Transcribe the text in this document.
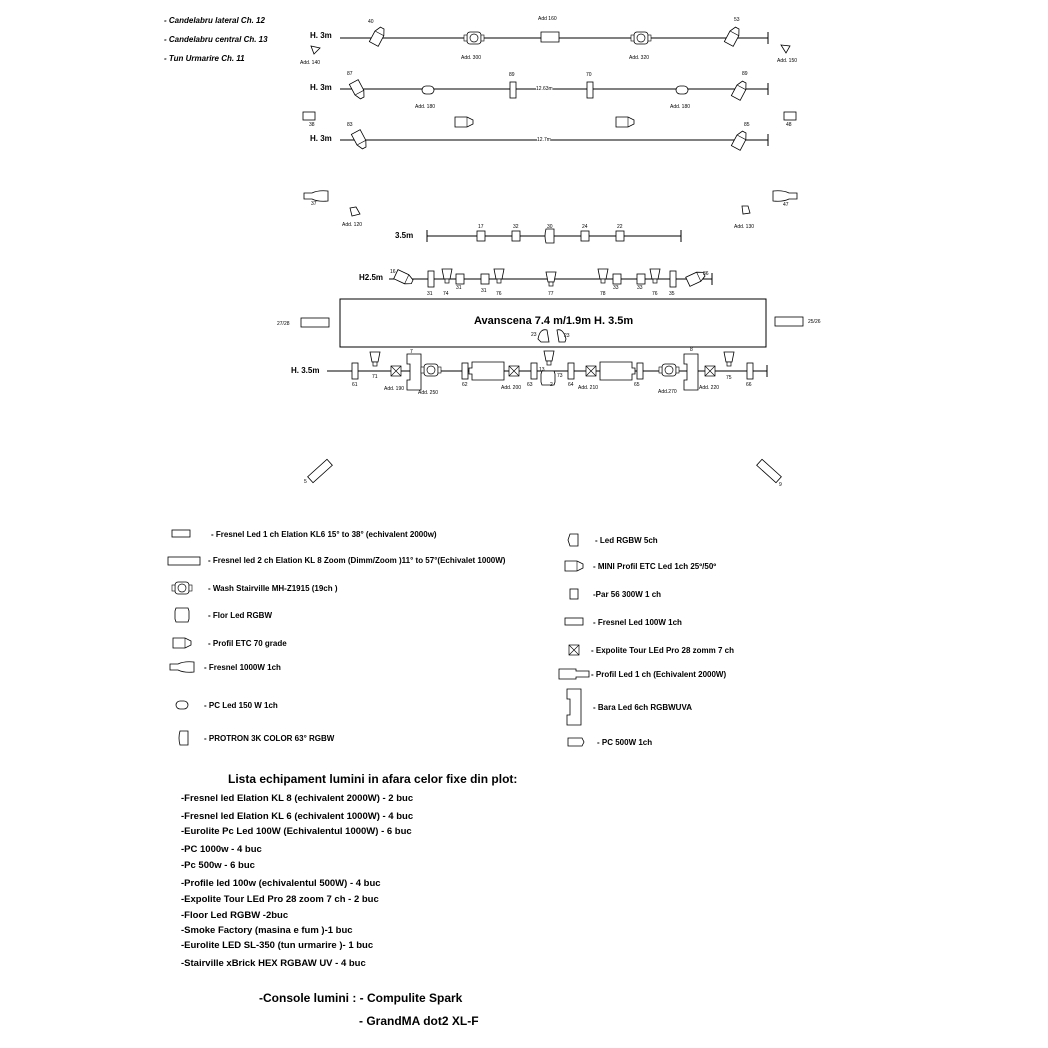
- Candelabru lateral Ch. 12
- Candelabru central Ch. 13
- Tun Urmarire Ch. 11
H. 3m
H. 3m
H. 3m
3.5m
H2.5m
H. 3.5m
12.63m
12.7m
Avanscena 7.4 m/1.9m H. 3.5m
40	Add 160	53
Add. 140
Add. 300	Add. 320	Add. 150
87	89	70	89
Add. 180	Add. 180
38	48
83	85
37	47
Add. 120	Add. 130
17	32	30	24	22
16	36
31 74
31	31 76	77	78
33	33
76 35
27/28	25/26
23	23
7	8
61
71
Add. 190
Add. 250
62	Add. 200 63
13
73
2	64 Add. 210	65
Add.270
Add. 220
75
66
5	9
- Fresnel Led 1 ch Elation KL6 15° to 38° (echivalent 2000w)
- Fresnel led 2 ch Elation KL 8 Zoom (Dimm/Zoom )11° to 57°(Echivalet 1000W)
- Wash Stairville MH-Z1915 (19ch )
- Flor Led RGBW
- Profil ETC 70 grade
- Fresnel 1000W 1ch
- PC Led 150 W 1ch
- PROTRON 3K COLOR 63° RGBW
- Led RGBW 5ch
- MINI Profil ETC Led 1ch 25º/50º
-Par 56 300W 1 ch
- Fresnel Led 100W 1ch
- Expolite Tour LEd Pro 28 zomm 7 ch
- Profil Led 1 ch (Echivalent 2000W)
- Bara Led 6ch RGBWUVA
- PC 500W 1ch
Lista echipament lumini in afara celor fixe din plot:
-Fresnel led Elation KL 8 (echivalent 2000W) - 2 buc
-Fresnel led Elation KL 6 (echivalent 1000W) - 4 buc
-Eurolite Pc Led 100W (Echivalentul 1000W) - 6 buc
-PC 1000w - 4 buc
-Pc 500w - 6 buc
-Profile led 100w (echivalentul 500W) - 4 buc
-Expolite Tour LEd Pro 28 zoom 7 ch - 2 buc
-Floor Led RGBW -2buc
-Smoke Factory (masina e fum )-1 buc
-Eurolite LED SL-350 (tun urmarire )- 1 buc
-Stairville xBrick HEX RGBAW UV - 4 buc
-Console lumini : - Compulite Spark
- GrandMA dot2 XL-F
